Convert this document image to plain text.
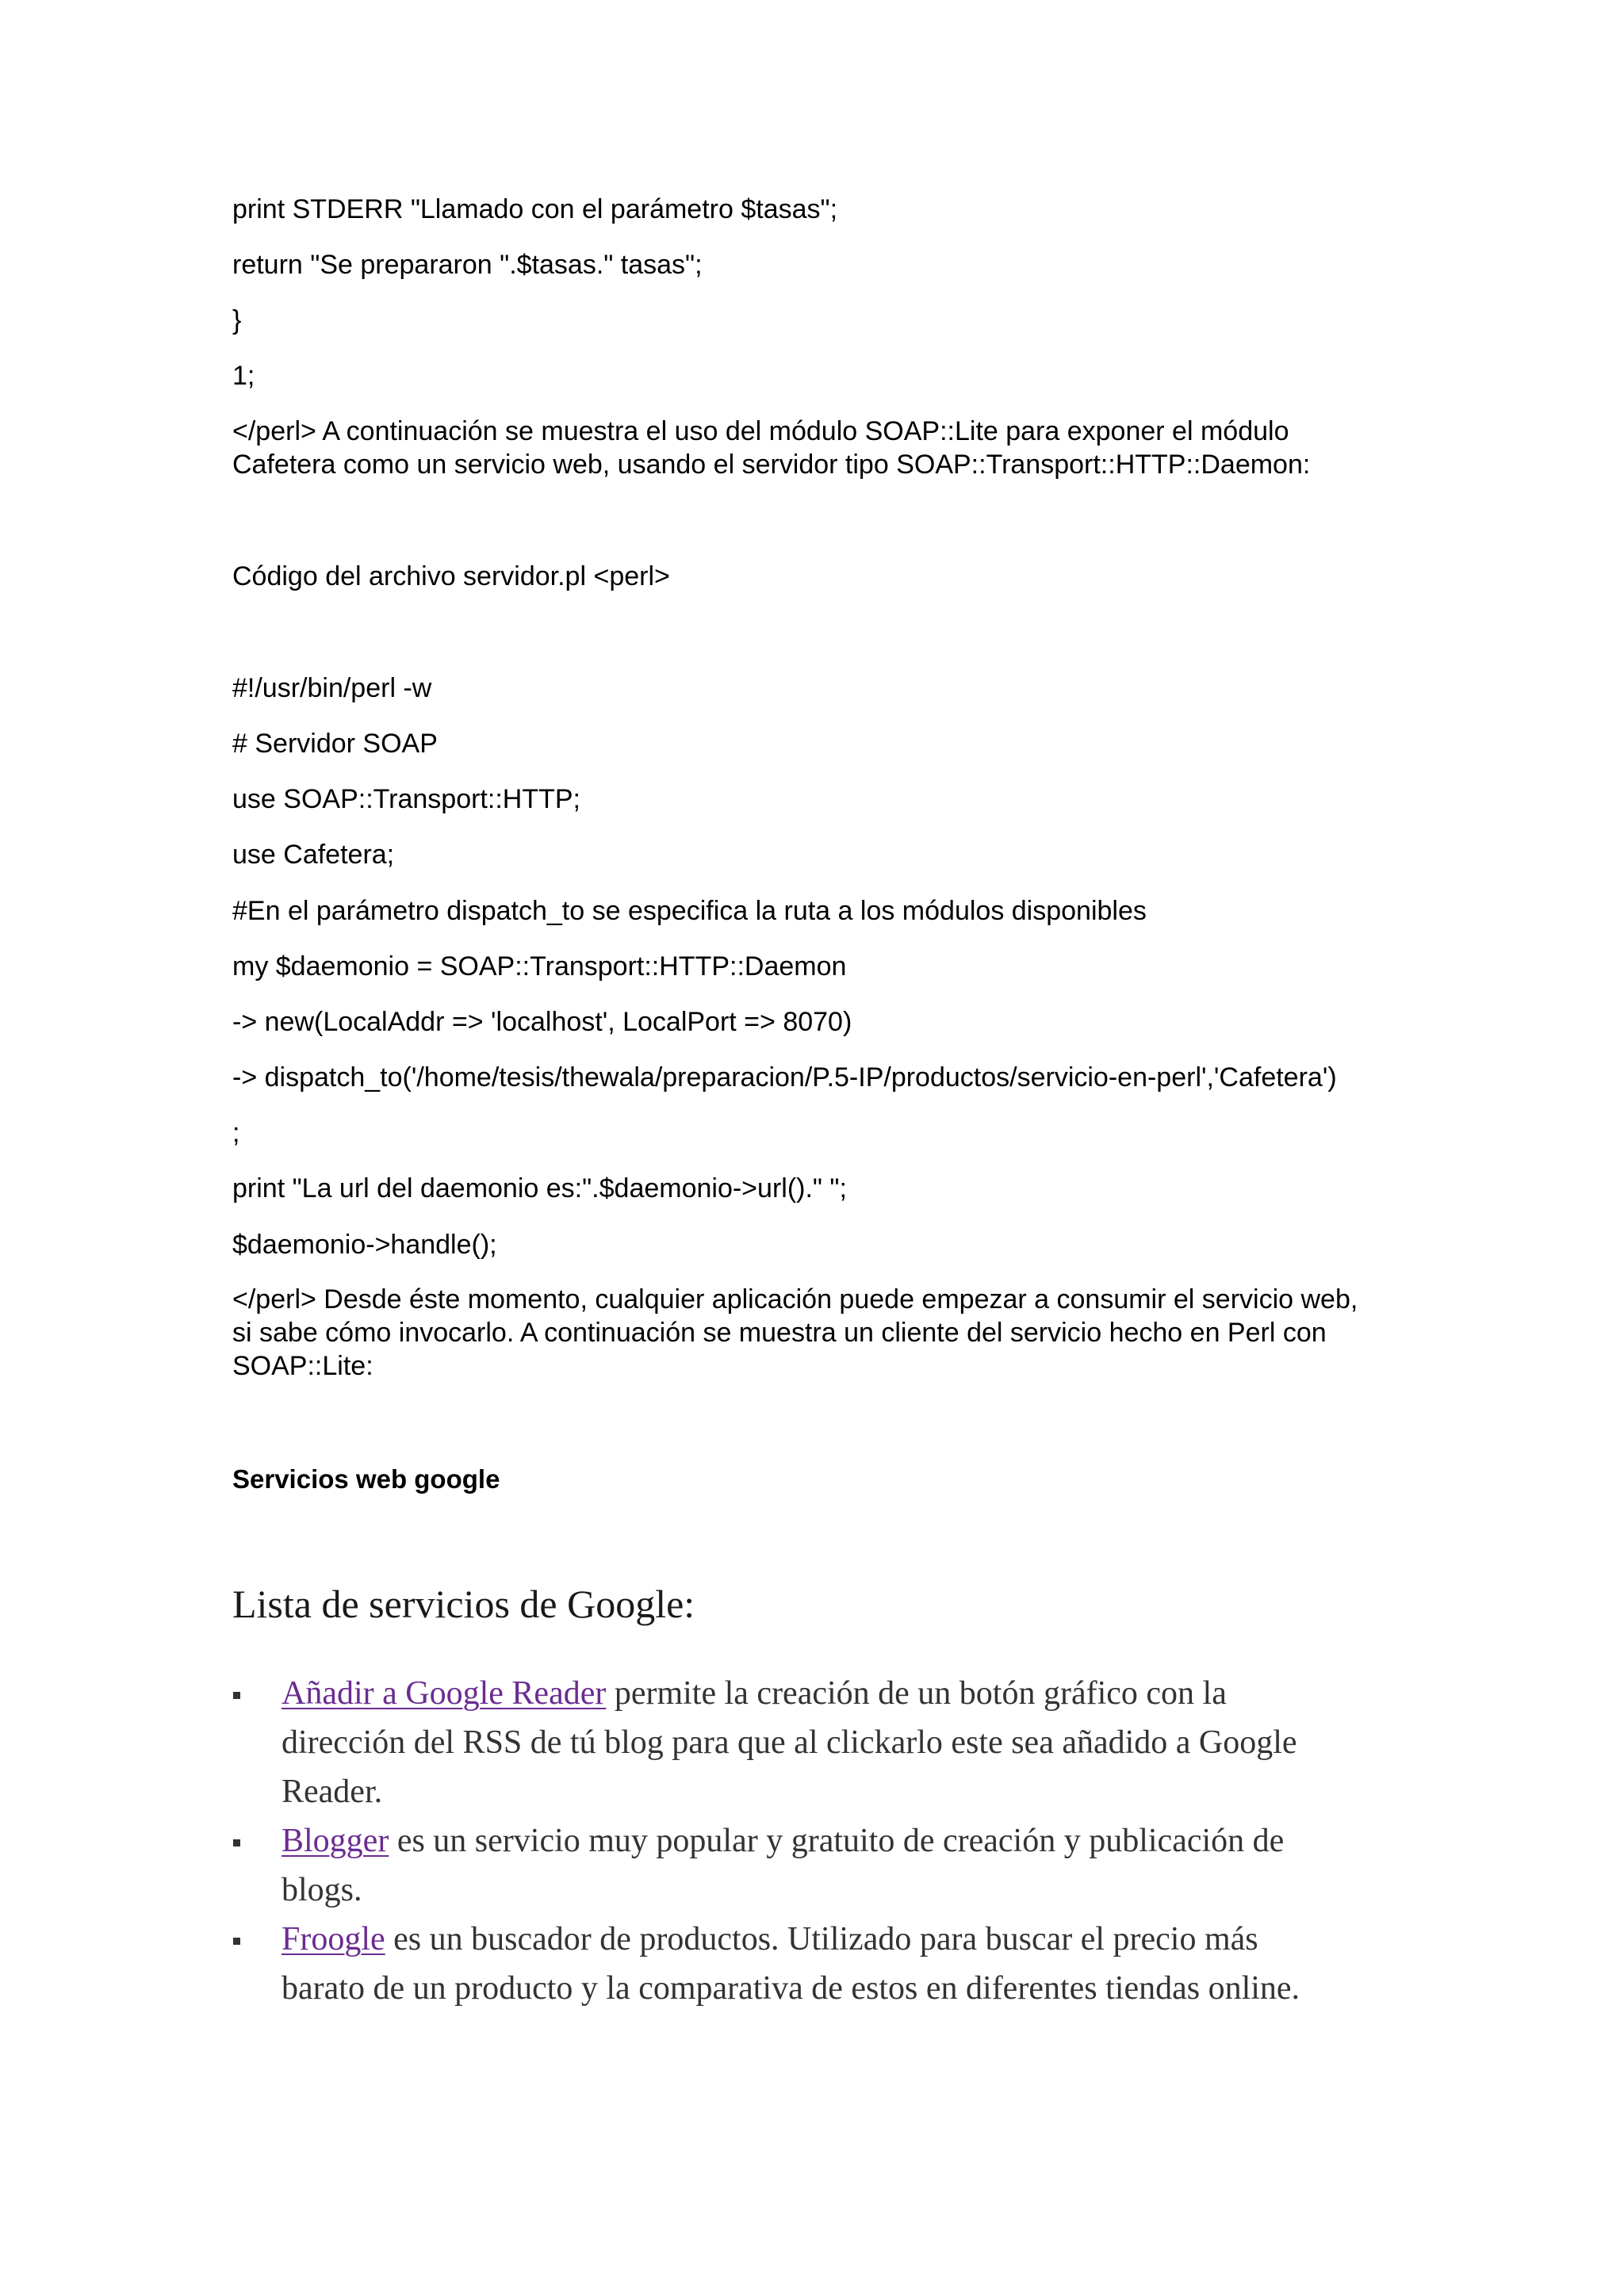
print STDERR "Llamado con el parámetro $tasas";

return "Se prepararon ".$tasas." tasas";

}

1;

</perl> A continuación se muestra el uso del módulo SOAP::Lite para exponer el módulo

Cafetera como un servicio web, usando el servidor tipo SOAP::Transport::HTTP::Daemon:

Código del archivo servidor.pl <perl>

#!/usr/bin/perl -w

# Servidor SOAP

use SOAP::Transport::HTTP;

use Cafetera;

#En el parámetro dispatch_to se especifica la ruta a los módulos disponibles

my $daemonio = SOAP::Transport::HTTP::Daemon

-> new(LocalAddr => 'localhost', LocalPort => 8070)

-> dispatch_to('/home/tesis/thewala/preparacion/P.5-IP/productos/servicio-en-perl','Cafetera')

;

print "La url del daemonio es:".$daemonio->url()." ";

$daemonio->handle();

</perl> Desde éste momento, cualquier aplicación puede empezar a consumir el servicio web,

si sabe cómo invocarlo. A continuación se muestra un cliente del servicio hecho en Perl con

SOAP::Lite:

Servicios web google

Lista de servicios de Google:
Añadir a Google Reader permite la creación de un botón gráfico con la
dirección del RSS de tú blog para que al clickarlo este sea añadido a Google
Reader.
Blogger es un servicio muy popular y gratuito de creación y publicación de
blogs.
Froogle es un buscador de productos. Utilizado para buscar el precio más
barato de un producto y la comparativa de estos en diferentes tiendas online.
